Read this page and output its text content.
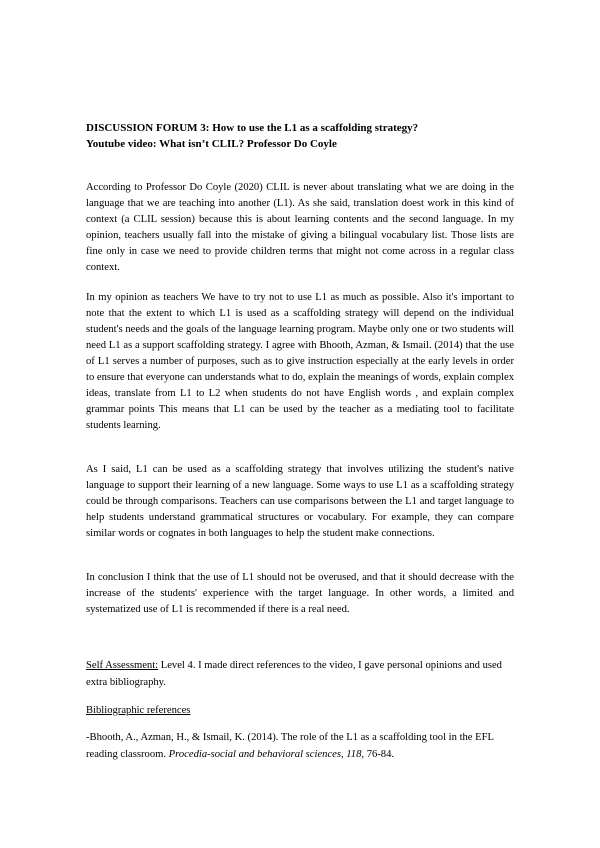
DISCUSSION FORUM 3: How to use the L1 as a scaffolding strategy?
Youtube video: What isn’t CLIL? Professor Do Coyle

According to Professor Do Coyle (2020) CLIL is never about translating what we are doing in the language that we are teaching into another (L1). As she said, translation doest work in this kind of context (a CLIL session) because this is about learning contents and the second language. In my opinion, teachers usually fall into the mistake of giving a bilingual vocabulary list. Those lists are fine only in case we need to provide children terms that might not come across in a regular class context.

In my opinion as teachers We have to try not to use L1 as much as possible. Also it's important to note that the extent to which L1 is used as a scaffolding strategy will depend on the individual student's needs and the goals of the language learning program. Maybe only one or two students will need L1 as a support scaffolding strategy. I agree with Bhooth, Azman, & Ismail. (2014) that the use of L1 serves a number of purposes, such as to give instruction especially at the early levels in order to ensure that everyone can understands what to do, explain the meanings of words, explain complex ideas, translate from L1 to L2 when students do not have English words , and explain complex grammar points This means that L1 can be used by the teacher as a mediating tool to facilitate students learning.

As I said, L1 can be used as a scaffolding strategy that involves utilizing the student's native language to support their learning of a new language. Some ways to use L1 as a scaffolding strategy could be through comparisons. Teachers can use comparisons between the L1 and target language to help students understand grammatical structures or vocabulary. For example, they can compare similar words or cognates in both languages to help the student make connections.

In conclusion I think that the use of L1 should not be overused, and that it should decrease with the increase of the students' experience with the target language. In other words, a limited and systematized use of L1 is recommended if there is a real need.

Self Assessment: Level 4. I made direct references to the video, I gave personal opinions and used extra bibliography.

Bibliographic references

-Bhooth, A., Azman, H., & Ismail, K. (2014). The role of the L1 as a scaffolding tool in the EFL reading classroom. Procedia-social and behavioral sciences, 118, 76-84.
